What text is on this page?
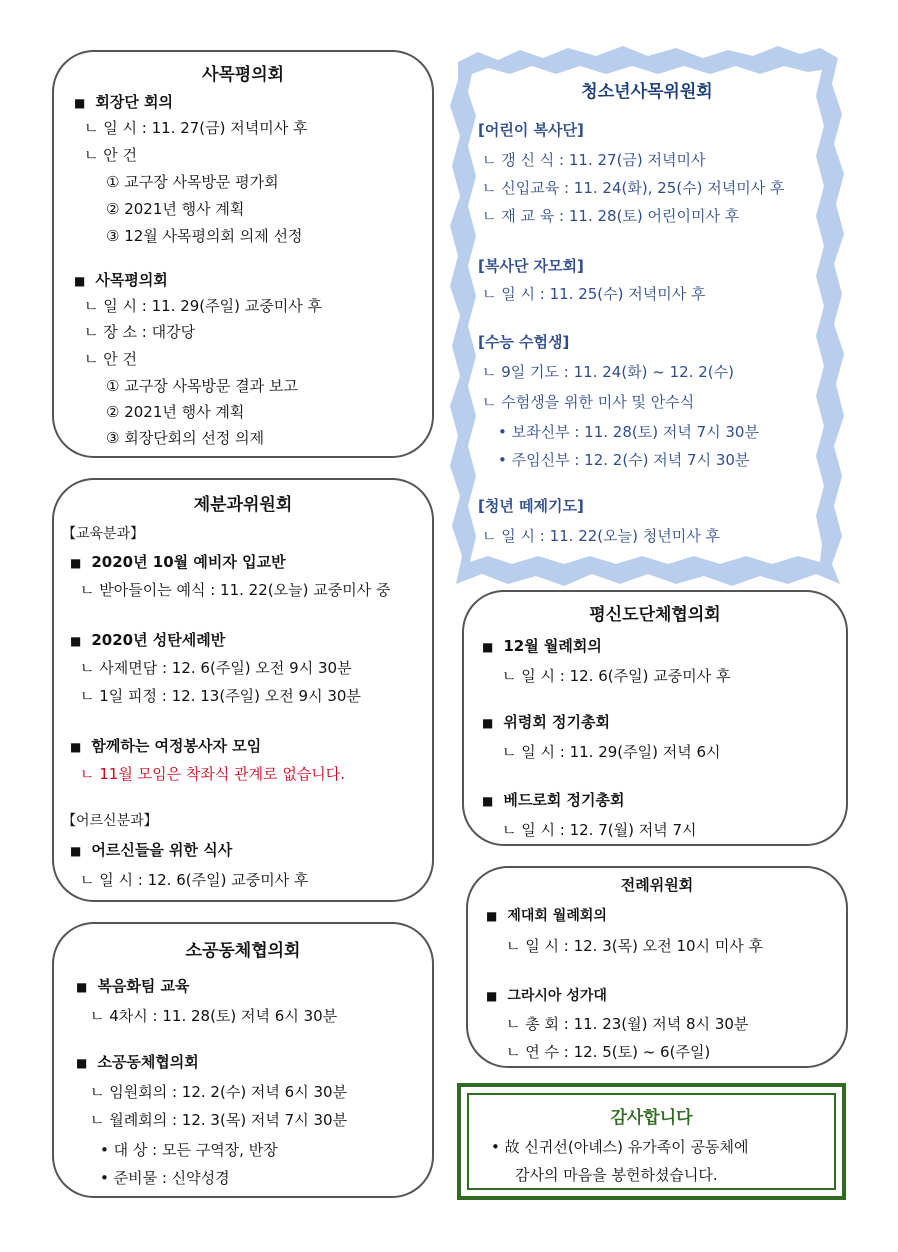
사목평의회
■ 회장단 회의
ㄴ 일 시 : 11. 27(금) 저녁미사 후
ㄴ 안 건
① 교구장 사목방문 평가회
② 2021년 행사 계획
③ 12월 사목평의회 의제 선정
■ 사목평의회
ㄴ 일 시 : 11. 29(주일) 교중미사 후
ㄴ 장 소 : 대강당
ㄴ 안 건
① 교구장 사목방문 결과 보고
② 2021년 행사 계획
③ 회장단회의 선정 의제
제분과위원회
【교육분과】
■ 2020년 10월 예비자 입교반
ㄴ 받아들이는 예식 : 11. 22(오늘) 교중미사 중
■ 2020년 성탄세례반
ㄴ 사제면담 : 12. 6(주일) 오전 9시 30분
ㄴ 1일 피정 : 12. 13(주일) 오전 9시 30분
■ 함께하는 여정봉사자 모임
ㄴ 11월 모임은 착좌식 관계로 없습니다.
【어르신분과】
■ 어르신들을 위한 식사
ㄴ 일 시 : 12. 6(주일) 교중미사 후
소공동체협의회
■ 복음화팀 교육
ㄴ 4차시 : 11. 28(토) 저녁 6시 30분
■ 소공동체협의회
ㄴ 임원회의 : 12. 2(수) 저녁 6시 30분
ㄴ 월례회의 : 12. 3(목) 저녁 7시 30분
• 대 상 : 모든 구역장, 반장
• 준비물 : 신약성경
청소년사목위원회
[어린이 복사단]
ㄴ 갱 신 식 : 11. 27(금) 저녁미사
ㄴ 신입교육 : 11. 24(화), 25(수) 저녁미사 후
ㄴ 재 교 육 : 11. 28(토) 어린이미사 후
[복사단 자모회]
ㄴ 일 시 : 11. 25(수) 저녁미사 후
[수능 수험생]
ㄴ 9일 기도 : 11. 24(화) ~ 12. 2(수)
ㄴ 수험생을 위한 미사 및 안수식
• 보좌신부 : 11. 28(토) 저녁 7시 30분
• 주임신부 : 12. 2(수) 저녁 7시 30분
[청년 떼제기도]
ㄴ 일 시 : 11. 22(오늘) 청년미사 후
평신도단체협의회
■ 12월 월례회의
ㄴ 일 시 : 12. 6(주일) 교중미사 후
■ 위령회 정기총회
ㄴ 일 시 : 11. 29(주일) 저녁 6시
■ 베드로회 정기총회
ㄴ 일 시 : 12. 7(월) 저녁 7시
전례위원회
■ 제대회 월례회의
ㄴ 일 시 : 12. 3(목) 오전 10시 미사 후
■ 그라시아 성가대
ㄴ 총 회 : 11. 23(월) 저녁 8시 30분
ㄴ 연 수 : 12. 5(토) ~ 6(주일)
감사합니다
• 故 신귀선(아녜스) 유가족이 공동체에
감사의 마음을 봉헌하셨습니다.
